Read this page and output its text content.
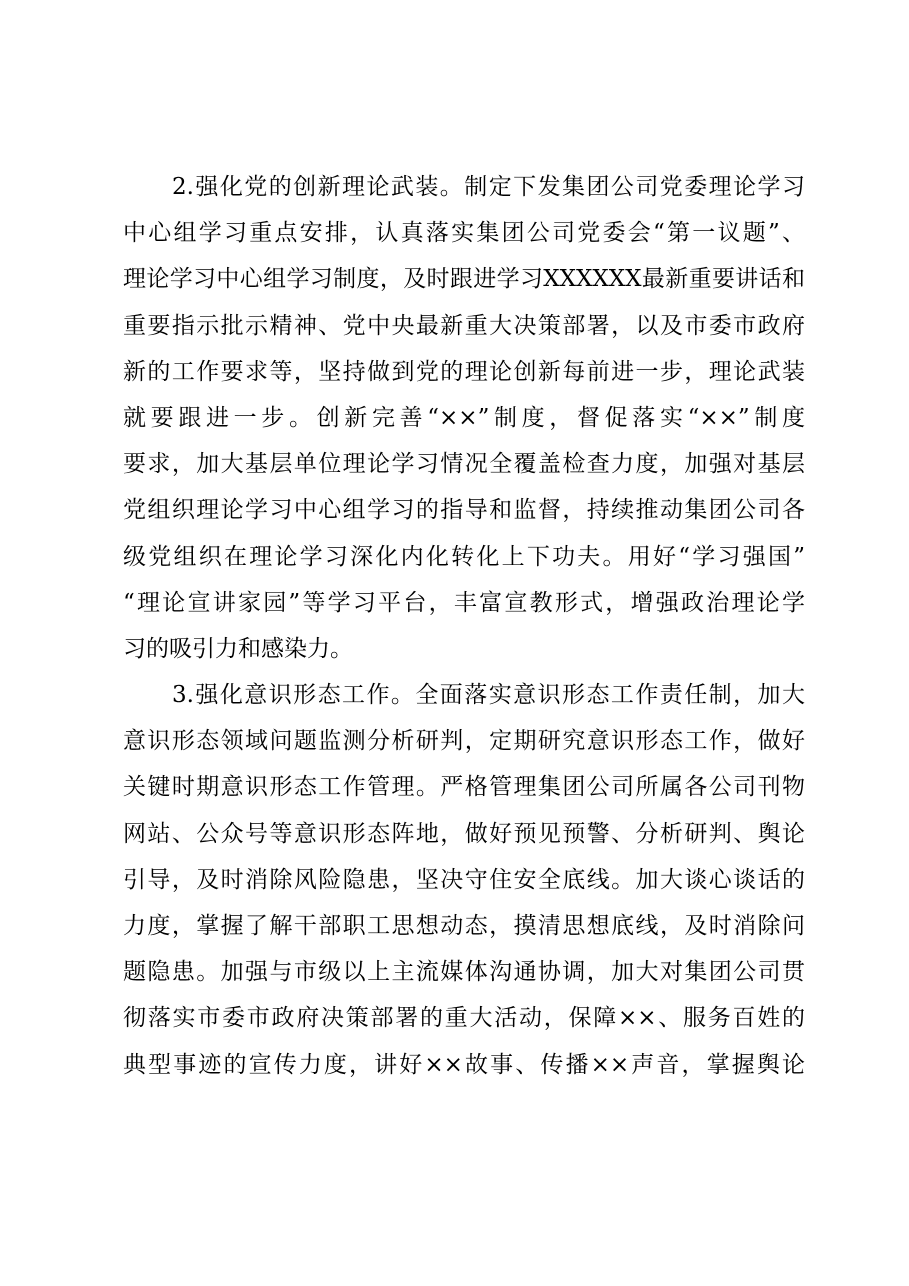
2.强化党的创新理论武装。制定下发集团公司党委理论学习
中心组学习重点安排，认真落实集团公司党委会“第一议题”、
理论学习中心组学习制度，及时跟进学习XXXXXX最新重要讲话和
重要指示批示精神、党中央最新重大决策部署，以及市委市政府
新的工作要求等，坚持做到党的理论创新每前进一步，理论武装
就要跟进一步。创新完善“××”制度，督促落实“××”制度
要求，加大基层单位理论学习情况全覆盖检查力度，加强对基层
党组织理论学习中心组学习的指导和监督，持续推动集团公司各
级党组织在理论学习深化内化转化上下功夫。用好“学习强国”
“理论宣讲家园”等学习平台，丰富宣教形式，增强政治理论学
习的吸引力和感染力。
3.强化意识形态工作。全面落实意识形态工作责任制，加大
意识形态领域问题监测分析研判，定期研究意识形态工作，做好
关键时期意识形态工作管理。严格管理集团公司所属各公司刊物
网站、公众号等意识形态阵地，做好预见预警、分析研判、舆论
引导，及时消除风险隐患，坚决守住安全底线。加大谈心谈话的
力度，掌握了解干部职工思想动态，摸清思想底线，及时消除问
题隐患。加强与市级以上主流媒体沟通协调，加大对集团公司贯
彻落实市委市政府决策部署的重大活动，保障××、服务百姓的
典型事迹的宣传力度，讲好××故事、传播××声音，掌握舆论
